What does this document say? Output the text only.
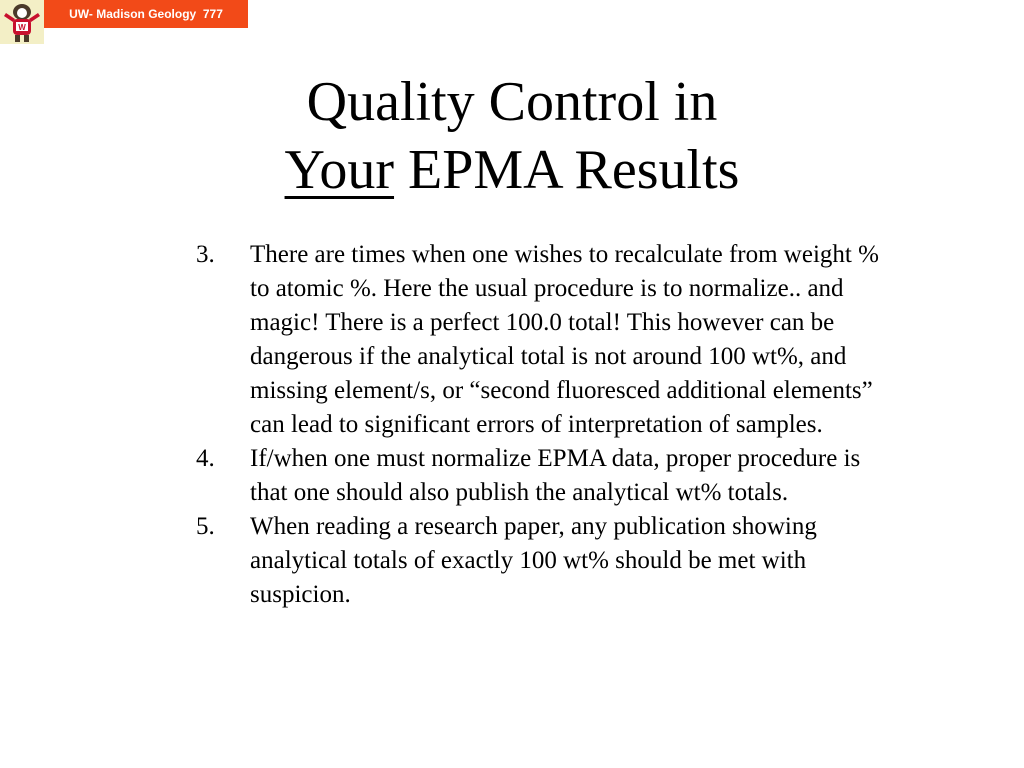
W
UW- Madison Geology  777
Quality Control in
Your EPMA Results
3. There are times when one wishes to recalculate from weight % to atomic %. Here the usual procedure is to normalize.. and magic! There is a perfect 100.0 total! This however can be dangerous if the analytical total is not around 100 wt%, and missing element/s, or “second fluoresced additional elements” can lead to significant errors of interpretation of samples.
4. If/when one must normalize EPMA data, proper procedure is that one should also publish the analytical wt% totals.
5. When reading a research paper, any publication showing analytical totals of exactly 100 wt% should be met with suspicion.
